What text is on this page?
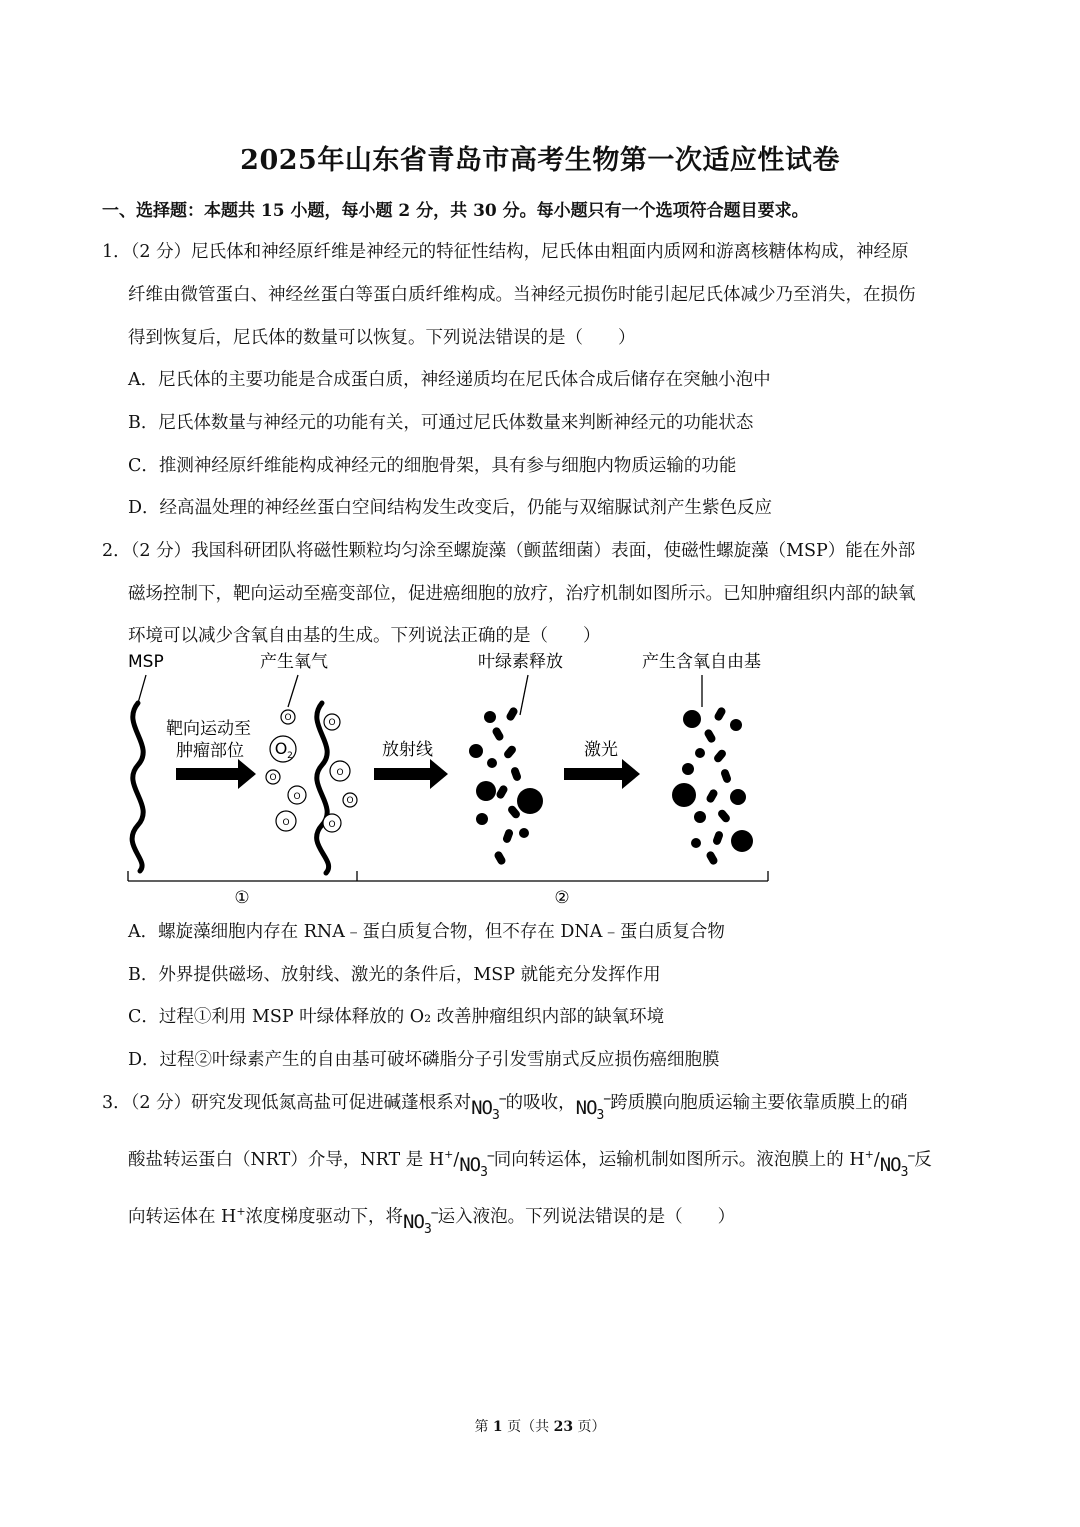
2025年山东省青岛市高考生物第一次适应性试卷
一、选择题：本题共 15 小题，每小题 2 分，共 30 分。每小题只有一个选项符合题目要求。
1．（2 分）尼氏体和神经原纤维是神经元的特征性结构，尼氏体由粗面内质网和游离核糖体构成，神经原
纤维由微管蛋白、神经丝蛋白等蛋白质纤维构成。当神经元损伤时能引起尼氏体减少乃至消失，在损伤
得到恢复后，尼氏体的数量可以恢复。下列说法错误的是（　　）
A．尼氏体的主要功能是合成蛋白质，神经递质均在尼氏体合成后储存在突触小泡中
B．尼氏体数量与神经元的功能有关，可通过尼氏体数量来判断神经元的功能状态
C．推测神经原纤维能构成神经元的细胞骨架，具有参与细胞内物质运输的功能
D．经高温处理的神经丝蛋白空间结构发生改变后，仍能与双缩脲试剂产生紫色反应
2．（2 分）我国科研团队将磁性颗粒均匀涂至螺旋藻（颤蓝细菌）表面，使磁性螺旋藻（MSP）能在外部
磁场控制下，靶向运动至癌变部位，促进癌细胞的放疗，治疗机制如图所示。已知肿瘤组织内部的缺氧
环境可以减少含氧自由基的生成。下列说法正确的是（　　）
MSP	产生氧气	叶绿素释放	产生含氧自由基
靶向运动至
肿瘤部位
O	O
O 2
O
O
O
O
O	O
放射线	激光
①	②
A．螺旋藻细胞内存在 RNA﹣蛋白质复合物，但不存在 DNA﹣蛋白质复合物
B．外界提供磁场、放射线、激光的条件后，MSP 就能充分发挥作用
C．过程①利用 MSP 叶绿体释放的 O₂ 改善肿瘤组织内部的缺氧环境
D．过程②叶绿素产生的自由基可破坏磷脂分子引发雪崩式反应损伤癌细胞膜
3．（2 分）研究发现低氮高盐可促进碱蓬根系对$NO_3^-$的吸收，$NO_3^-$跨质膜向胞质运输主要依靠质膜上的硝
酸盐转运蛋白（NRT）介导，NRT 是 $H^+/NO_3^-$同向转运体，运输机制如图所示。液泡膜上的 $H^+/NO_3^-$反
向转运体在 H+浓度梯度驱动下，将$NO_3^-$运入液泡。下列说法错误的是（　　）
第 1 页（共 23 页）
